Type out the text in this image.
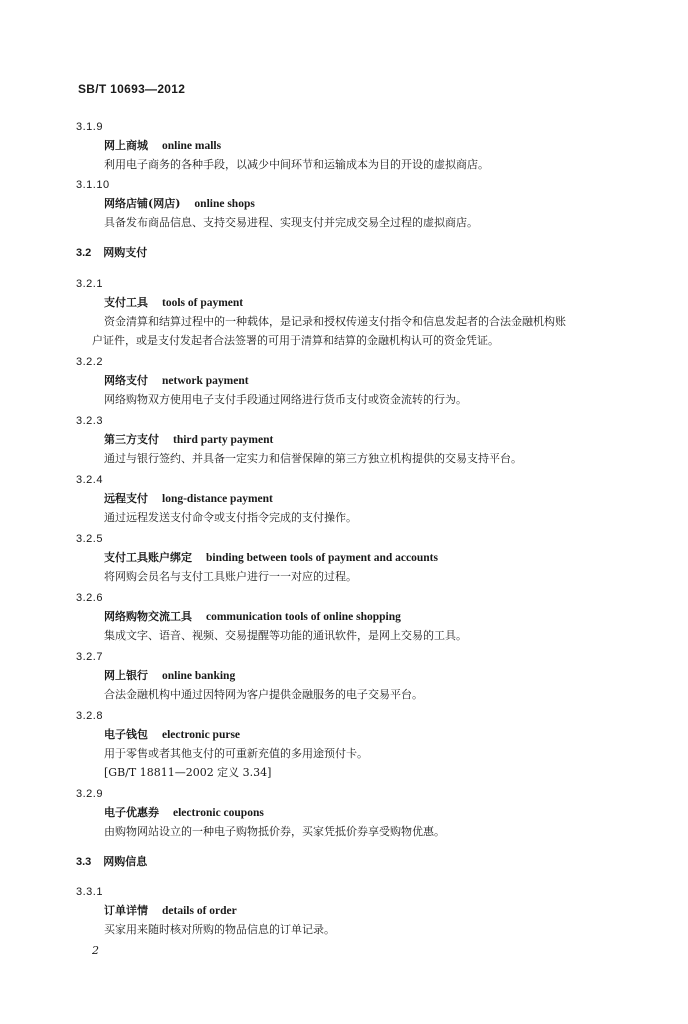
SB/T 10693—2012
3.1.9
网上商城 online malls
利用电子商务的各种手段，以减少中间环节和运输成本为目的开设的虚拟商店。
3.1.10
网络店铺(网店) online shops
具备发布商品信息、支持交易进程、实现支付并完成交易全过程的虚拟商店。
3.2 网购支付
3.2.1
支付工具 tools of payment
资金清算和结算过程中的一种载体，是记录和授权传递支付指令和信息发起者的合法金融机构账
户证件，或是支付发起者合法签署的可用于清算和结算的金融机构认可的资金凭证。
3.2.2
网络支付 network payment
网络购物双方使用电子支付手段通过网络进行货币支付或资金流转的行为。
3.2.3
第三方支付 third party payment
通过与银行签约、并具备一定实力和信誉保障的第三方独立机构提供的交易支持平台。
3.2.4
远程支付 long-distance payment
通过远程发送支付命令或支付指令完成的支付操作。
3.2.5
支付工具账户绑定 binding between tools of payment and accounts
将网购会员名与支付工具账户进行一一对应的过程。
3.2.6
网络购物交流工具 communication tools of online shopping
集成文字、语音、视频、交易提醒等功能的通讯软件，是网上交易的工具。
3.2.7
网上银行 online banking
合法金融机构中通过因特网为客户提供金融服务的电子交易平台。
3.2.8
电子钱包 electronic purse
用于零售或者其他支付的可重新充值的多用途预付卡。
[GB/T 18811—2002 定义 3.34]
3.2.9
电子优惠券 electronic coupons
由购物网站设立的一种电子购物抵价券，买家凭抵价券享受购物优惠。
3.3 网购信息
3.3.1
订单详情 details of order
买家用来随时核对所购的物品信息的订单记录。
2
